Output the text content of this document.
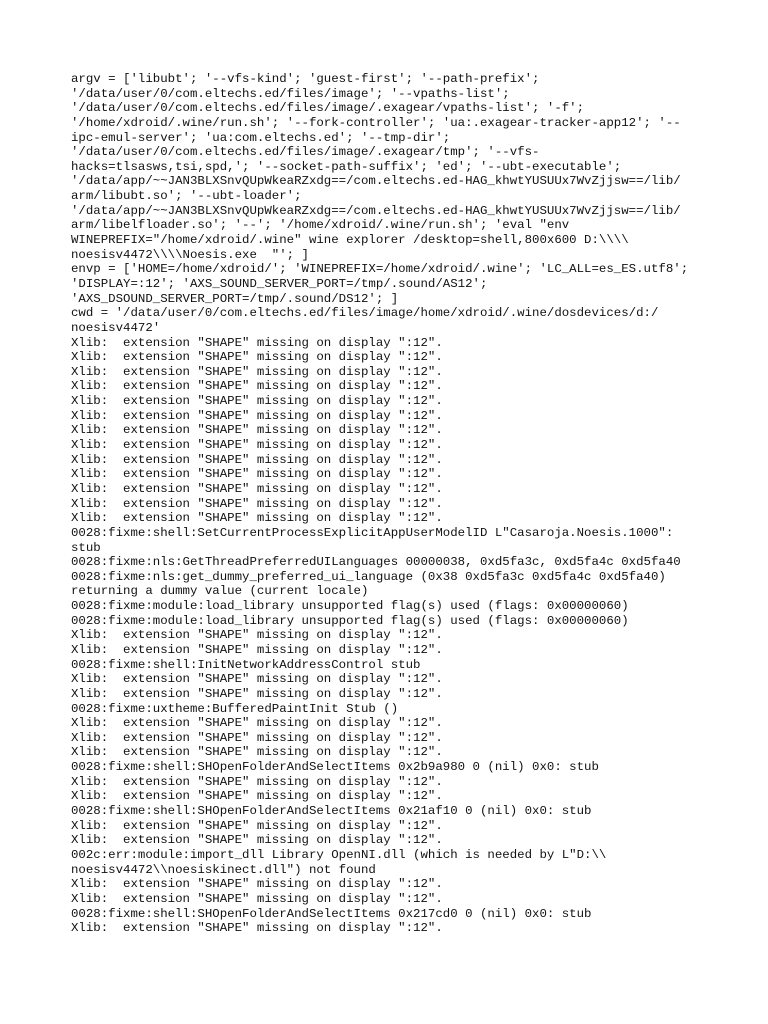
argv = ['libubt'; '--vfs-kind'; 'guest-first'; '--path-prefix';
'/data/user/0/com.eltechs.ed/files/image'; '--vpaths-list';
'/data/user/0/com.eltechs.ed/files/image/.exagear/vpaths-list'; '-f';
'/home/xdroid/.wine/run.sh'; '--fork-controller'; 'ua:.exagear-tracker-app12'; '--
ipc-emul-server'; 'ua:com.eltechs.ed'; '--tmp-dir';
'/data/user/0/com.eltechs.ed/files/image/.exagear/tmp'; '--vfs-
hacks=tlsasws,tsi,spd,'; '--socket-path-suffix'; 'ed'; '--ubt-executable';
'/data/app/~~JAN3BLXSnvQUpWkeaRZxdg==/com.eltechs.ed-HAG_khwtYUSUUx7WvZjjsw==/lib/
arm/libubt.so'; '--ubt-loader';
'/data/app/~~JAN3BLXSnvQUpWkeaRZxdg==/com.eltechs.ed-HAG_khwtYUSUUx7WvZjjsw==/lib/
arm/libelfloader.so'; '--'; '/home/xdroid/.wine/run.sh'; 'eval "env
WINEPREFIX="/home/xdroid/.wine" wine explorer /desktop=shell,800x600 D:\\\\
noesisv4472\\\\Noesis.exe  "'; ]
envp = ['HOME=/home/xdroid/'; 'WINEPREFIX=/home/xdroid/.wine'; 'LC_ALL=es_ES.utf8';
'DISPLAY=:12'; 'AXS_SOUND_SERVER_PORT=/tmp/.sound/AS12';
'AXS_DSOUND_SERVER_PORT=/tmp/.sound/DS12'; ]
cwd = '/data/user/0/com.eltechs.ed/files/image/home/xdroid/.wine/dosdevices/d:/
noesisv4472'
Xlib:  extension "SHAPE" missing on display ":12".
Xlib:  extension "SHAPE" missing on display ":12".
Xlib:  extension "SHAPE" missing on display ":12".
Xlib:  extension "SHAPE" missing on display ":12".
Xlib:  extension "SHAPE" missing on display ":12".
Xlib:  extension "SHAPE" missing on display ":12".
Xlib:  extension "SHAPE" missing on display ":12".
Xlib:  extension "SHAPE" missing on display ":12".
Xlib:  extension "SHAPE" missing on display ":12".
Xlib:  extension "SHAPE" missing on display ":12".
Xlib:  extension "SHAPE" missing on display ":12".
Xlib:  extension "SHAPE" missing on display ":12".
Xlib:  extension "SHAPE" missing on display ":12".
0028:fixme:shell:SetCurrentProcessExplicitAppUserModelID L"Casaroja.Noesis.1000":
stub
0028:fixme:nls:GetThreadPreferredUILanguages 00000038, 0xd5fa3c, 0xd5fa4c 0xd5fa40
0028:fixme:nls:get_dummy_preferred_ui_language (0x38 0xd5fa3c 0xd5fa4c 0xd5fa40)
returning a dummy value (current locale)
0028:fixme:module:load_library unsupported flag(s) used (flags: 0x00000060)
0028:fixme:module:load_library unsupported flag(s) used (flags: 0x00000060)
Xlib:  extension "SHAPE" missing on display ":12".
Xlib:  extension "SHAPE" missing on display ":12".
0028:fixme:shell:InitNetworkAddressControl stub
Xlib:  extension "SHAPE" missing on display ":12".
Xlib:  extension "SHAPE" missing on display ":12".
0028:fixme:uxtheme:BufferedPaintInit Stub ()
Xlib:  extension "SHAPE" missing on display ":12".
Xlib:  extension "SHAPE" missing on display ":12".
Xlib:  extension "SHAPE" missing on display ":12".
0028:fixme:shell:SHOpenFolderAndSelectItems 0x2b9a980 0 (nil) 0x0: stub
Xlib:  extension "SHAPE" missing on display ":12".
Xlib:  extension "SHAPE" missing on display ":12".
0028:fixme:shell:SHOpenFolderAndSelectItems 0x21af10 0 (nil) 0x0: stub
Xlib:  extension "SHAPE" missing on display ":12".
Xlib:  extension "SHAPE" missing on display ":12".
002c:err:module:import_dll Library OpenNI.dll (which is needed by L"D:\\
noesisv4472\\noesiskinect.dll") not found
Xlib:  extension "SHAPE" missing on display ":12".
Xlib:  extension "SHAPE" missing on display ":12".
0028:fixme:shell:SHOpenFolderAndSelectItems 0x217cd0 0 (nil) 0x0: stub
Xlib:  extension "SHAPE" missing on display ":12".
